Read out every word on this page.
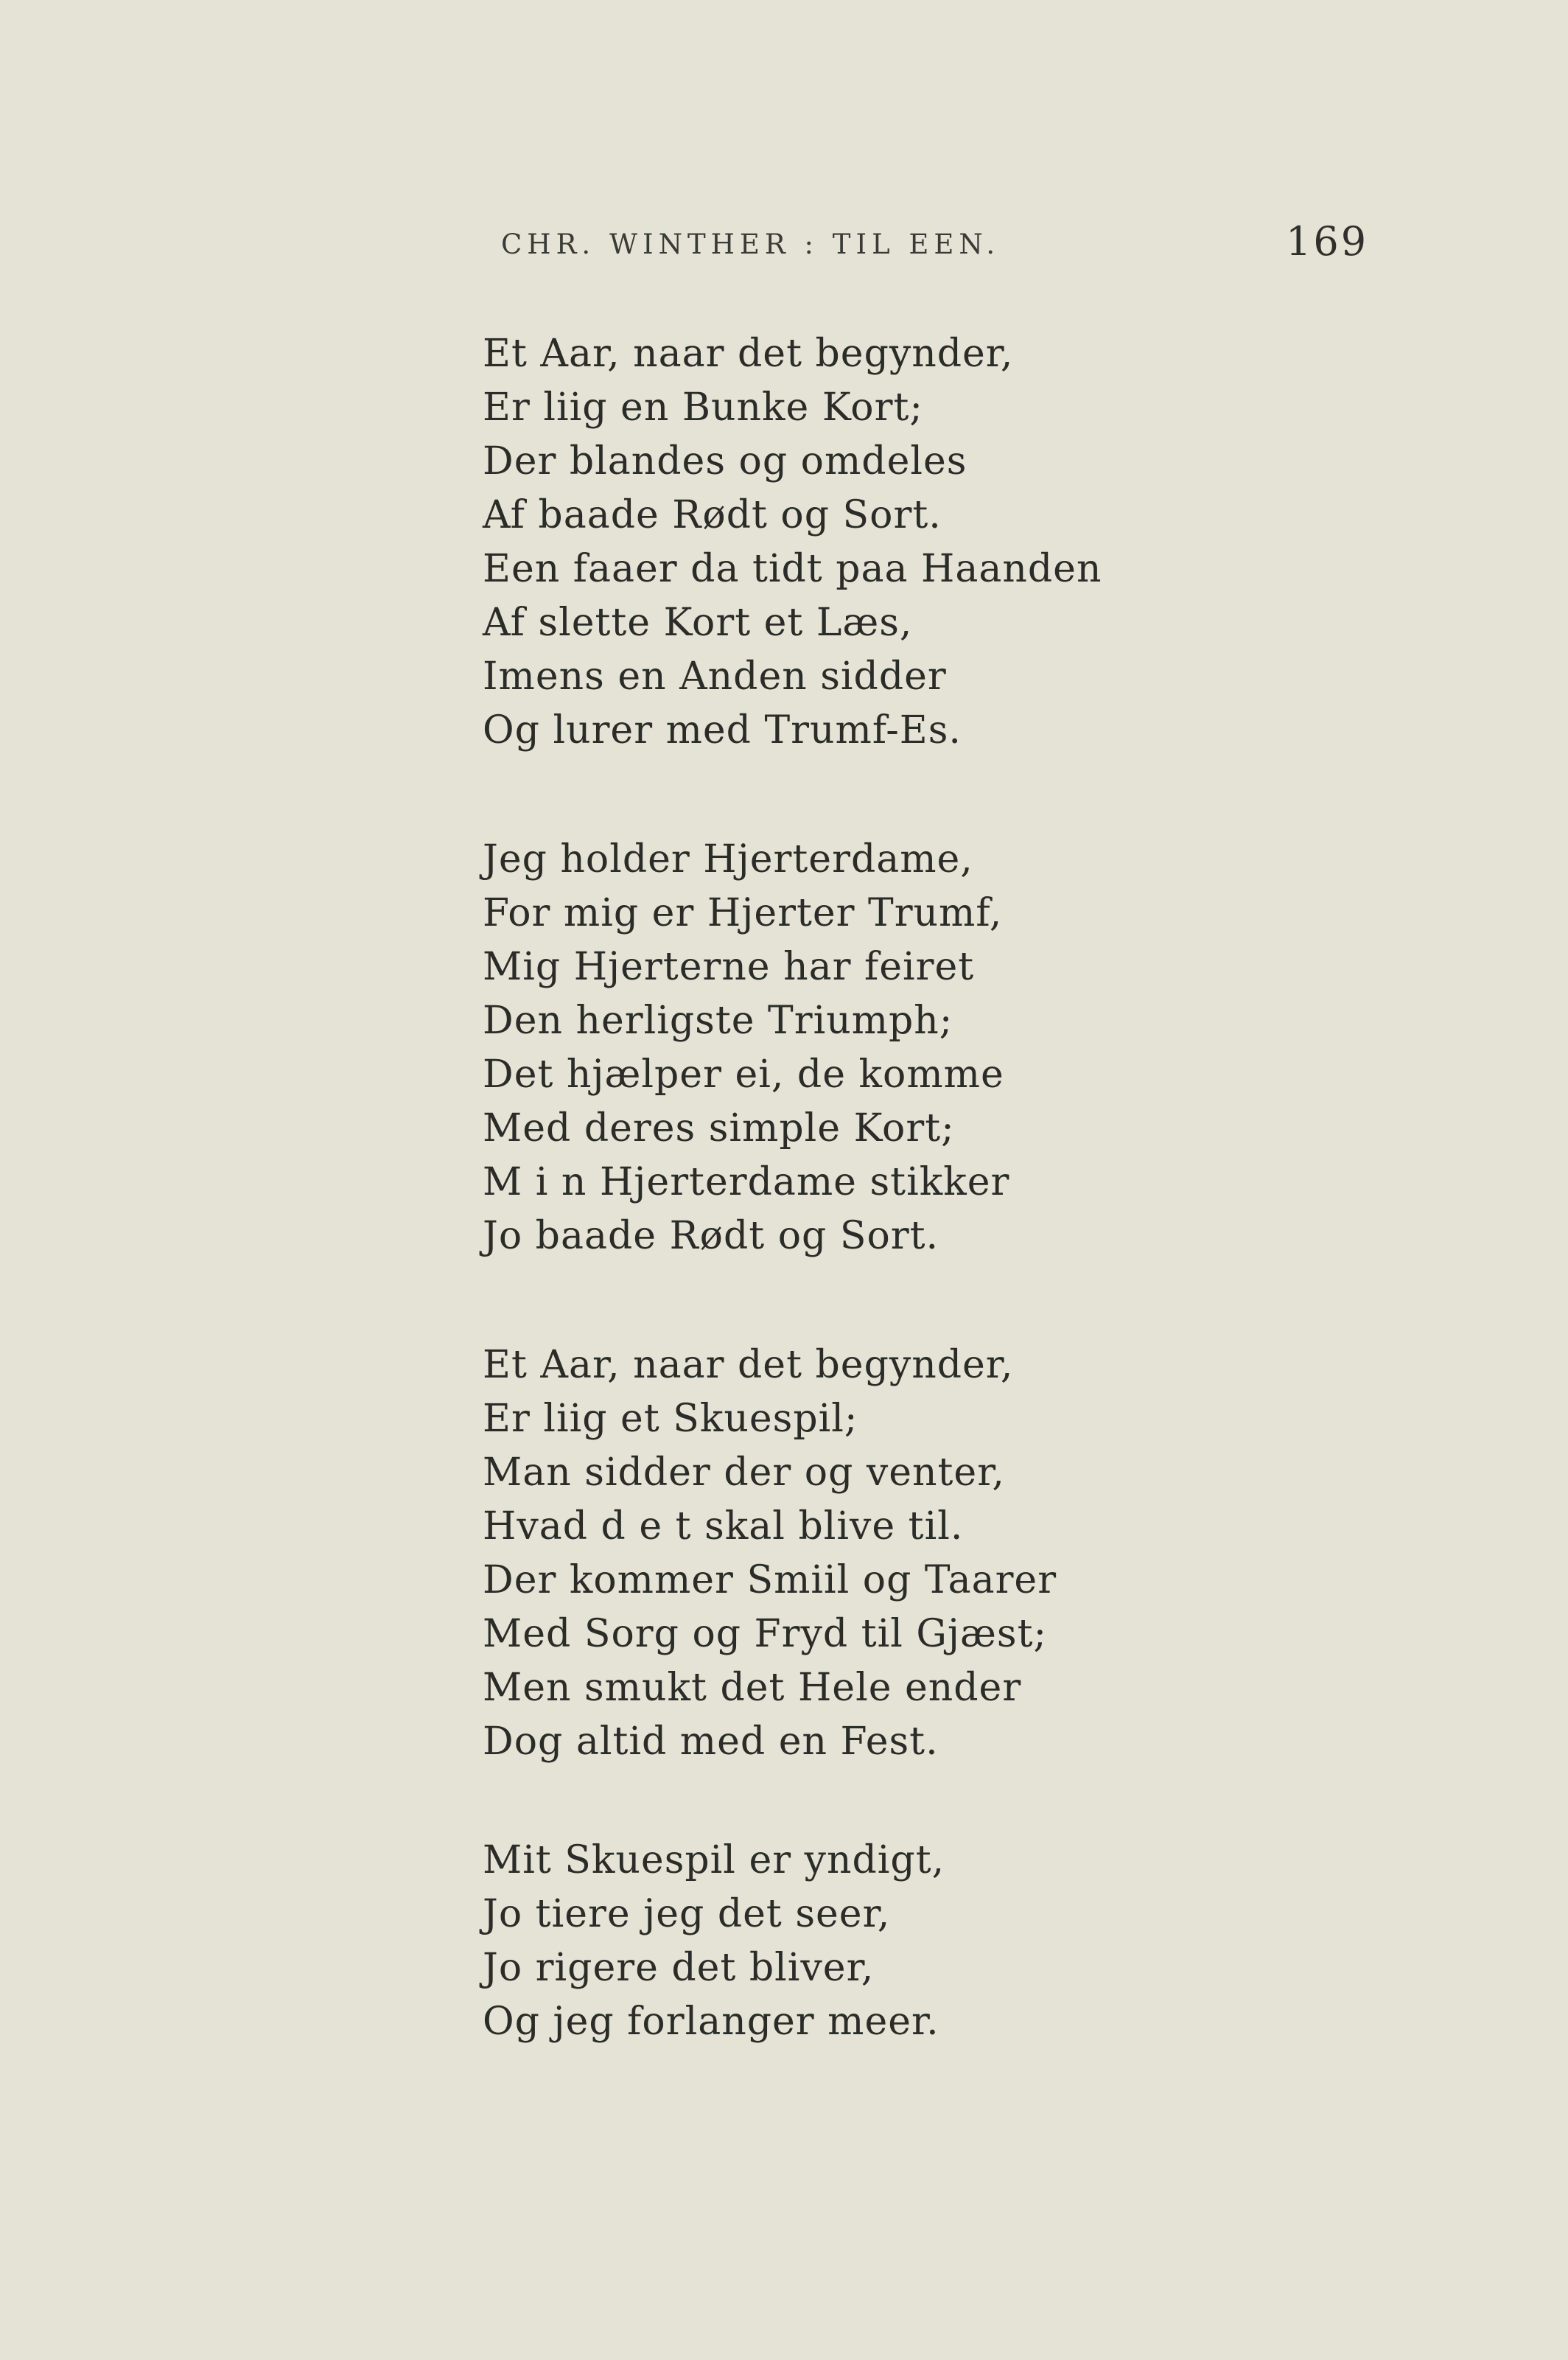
CHR. WINTHER : TIL EEN.	169
Et Aar, naar det begynder,
Er liig en Bunke Kort;
Der blandes og omdeles
Af baade Rødt og Sort.
Een faaer da tidt paa Haanden
Af slette Kort et Læs,
Imens en Anden sidder
Og lurer med Trumf-Es.
Jeg holder Hjerterdame,
For mig er Hjerter Trumf,
Mig Hjerterne har feiret
Den herligste Triumph;
Det hjælper ei, de komme
Med deres simple Kort;
M i n Hjerterdame stikker
Jo baade Rødt og Sort.
Et Aar, naar det begynder,
Er liig et Skuespil;
Man sidder der og venter,
Hvad d e t skal blive til.
Der kommer Smiil og Taarer
Med Sorg og Fryd til Gjæst;
Men smukt det Hele ender
Dog altid med en Fest.
Mit Skuespil er yndigt,
Jo tiere jeg det seer,
Jo rigere det bliver,
Og jeg forlanger meer.
